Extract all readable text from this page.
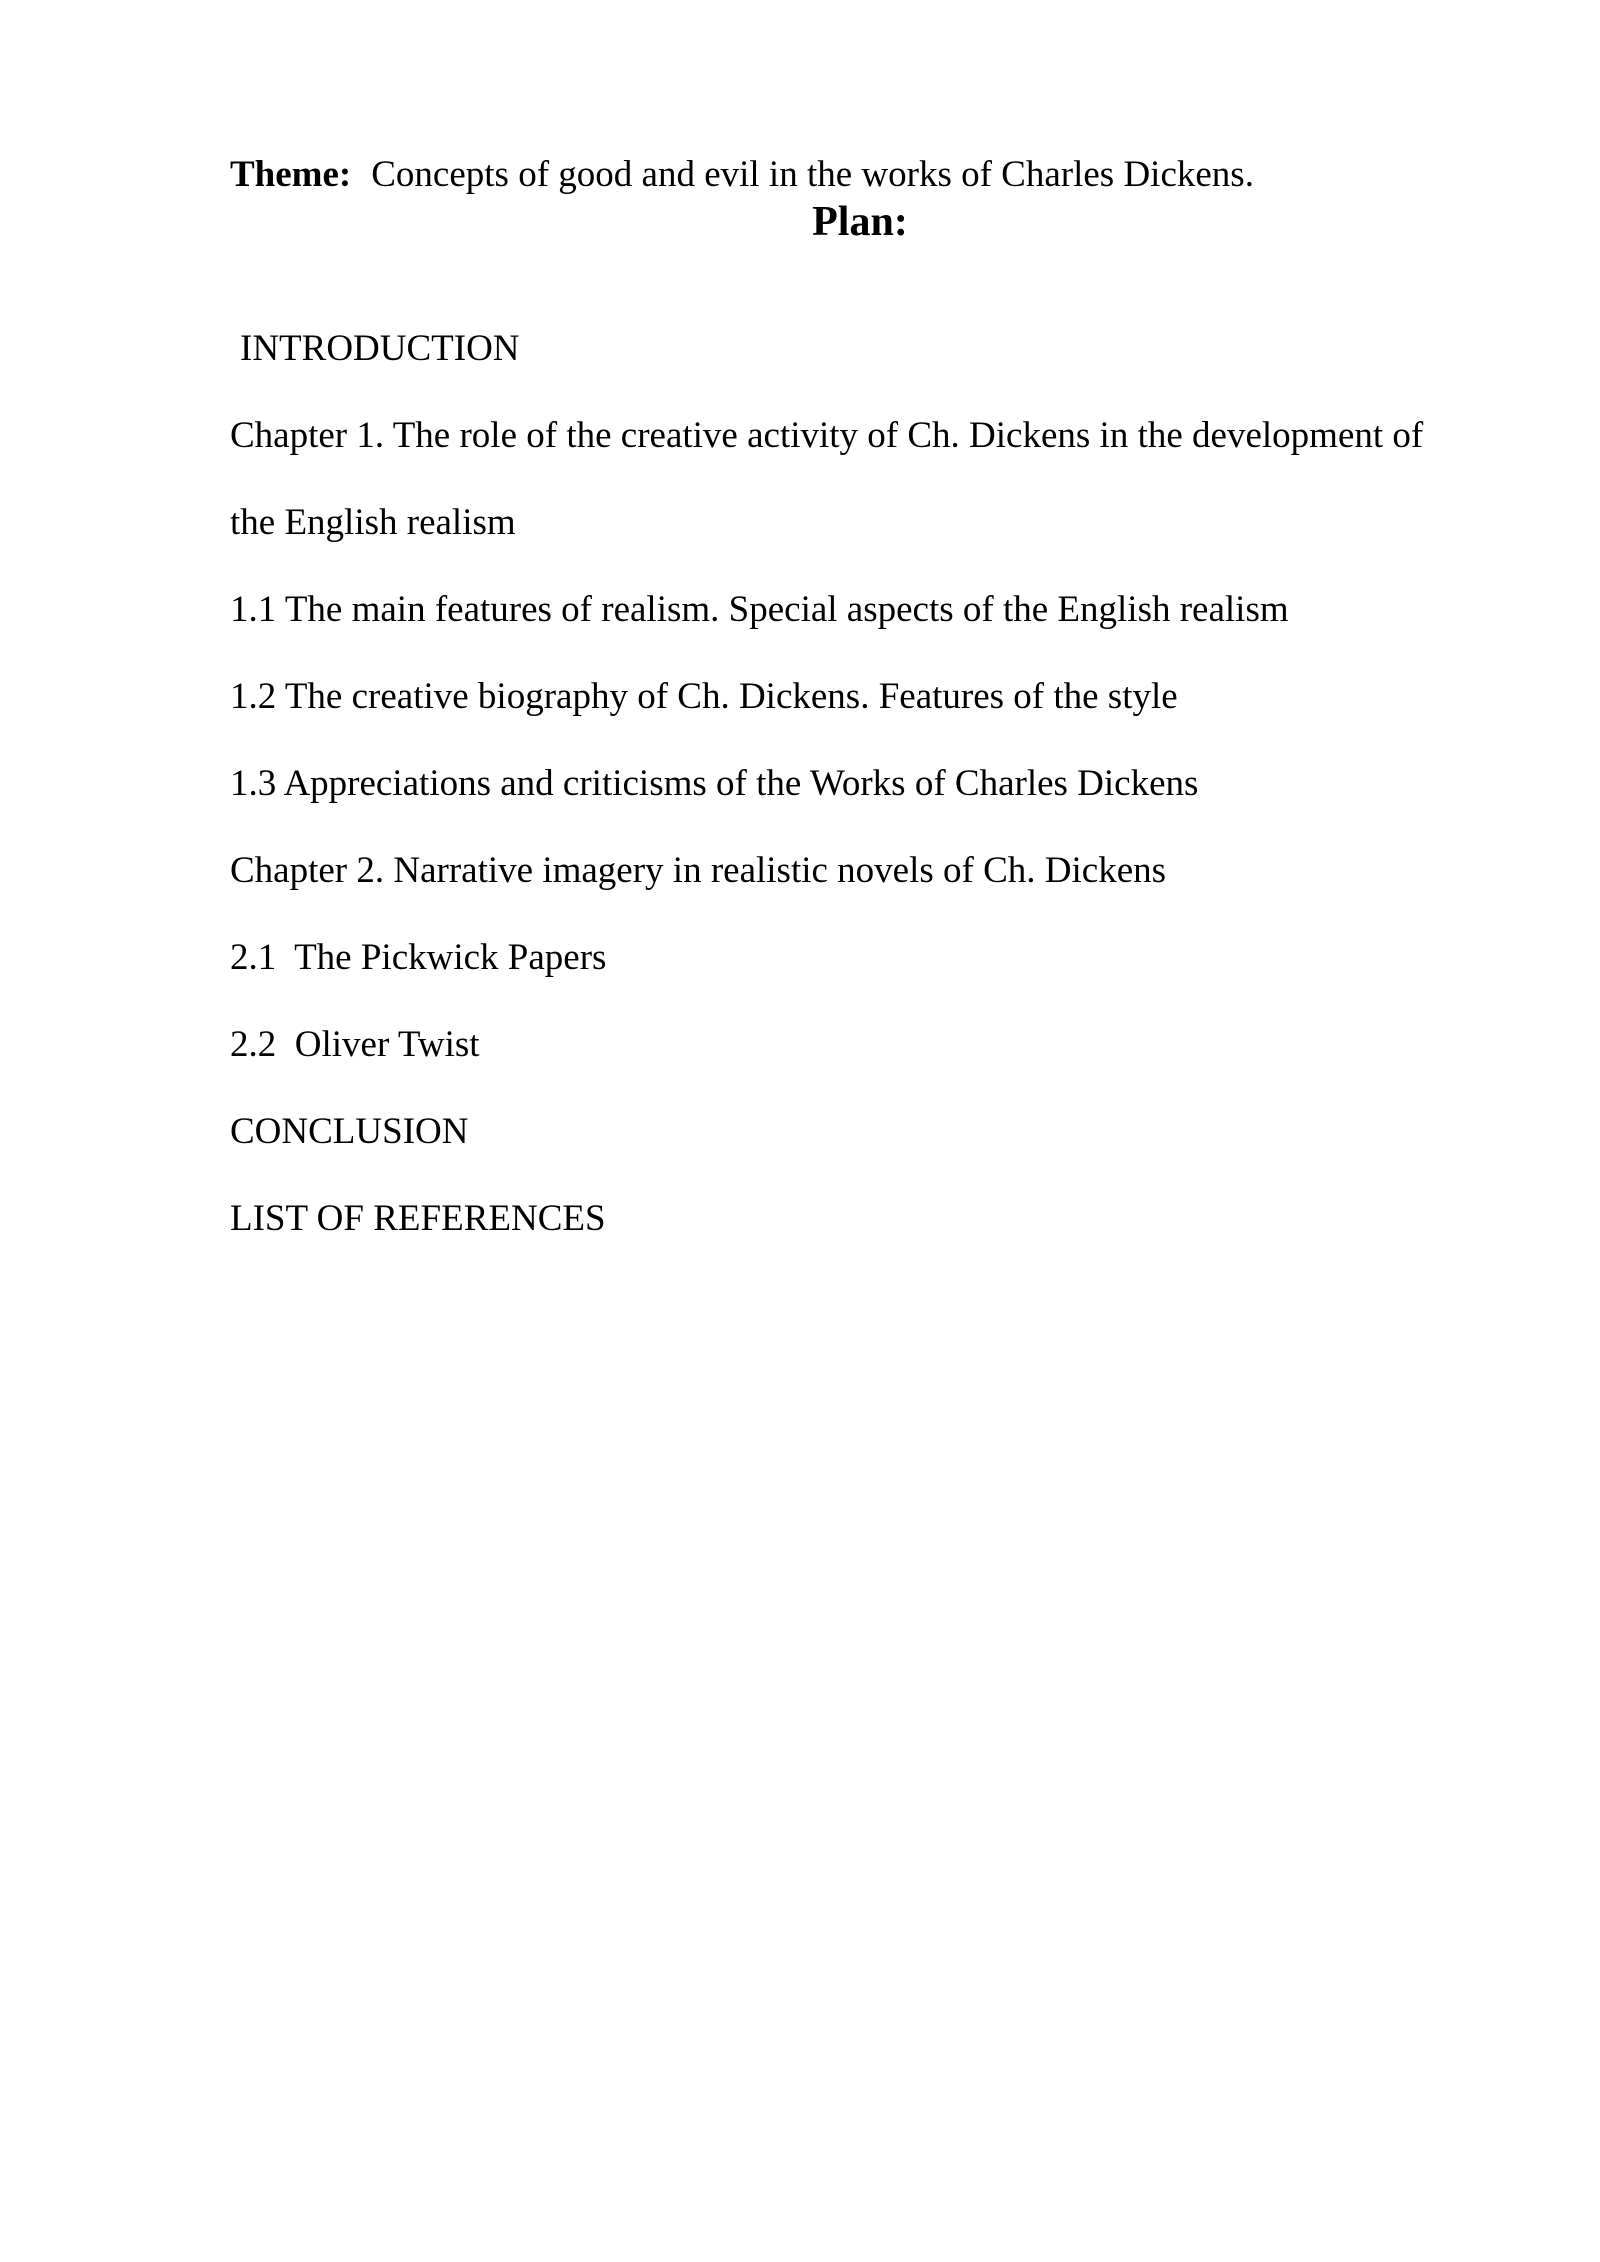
Theme: Concepts of good and evil in the works of Charles Dickens.
Plan:
INTRODUCTION
Chapter 1. The role of the creative activity of Ch. Dickens in the development of
the English realism
1.1 The main features of realism. Special aspects of the English realism
1.2 The creative biography of Ch. Dickens. Features of the style
1.3 Appreciations and criticisms of the Works of Charles Dickens
Chapter 2. Narrative imagery in realistic novels of Ch. Dickens
2.1  The Pickwick Papers
2.2  Oliver Twist
CONCLUSION
LIST OF REFERENCES
